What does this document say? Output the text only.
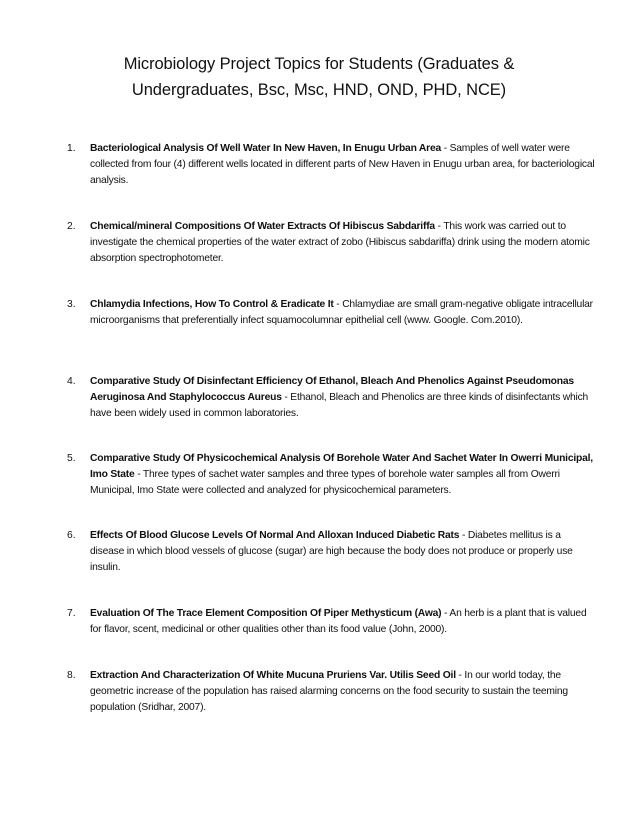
Microbiology Project Topics for Students (Graduates &
Undergraduates, Bsc, Msc, HND, OND, PHD, NCE)
1.	Bacteriological Analysis Of Well Water In New Haven, In Enugu Urban Area - Samples of well water were collected from four (4) different wells located in different parts of New Haven in Enugu urban area, for bacteriological analysis.
2.	Chemical/mineral Compositions Of Water Extracts Of Hibiscus Sabdariffa - This work was carried out to investigate the chemical properties of the water extract of zobo (Hibiscus sabdariffa) drink using the modern atomic absorption spectrophotometer.
3.	Chlamydia Infections, How To Control & Eradicate It - Chlamydiae are small gram-negative obligate intracellular microorganisms that preferentially infect squamocolumnar epithelial cell (www. Google. Com.2010).
4.	Comparative Study Of Disinfectant Efficiency Of Ethanol, Bleach And Phenolics Against Pseudomonas Aeruginosa And Staphylococcus Aureus - Ethanol, Bleach and Phenolics are three kinds of disinfectants which have been widely used in common laboratories.
5.	Comparative Study Of Physicochemical Analysis Of Borehole Water And Sachet Water In Owerri Municipal, Imo State - Three types of sachet water samples and three types of borehole water samples all from Owerri Municipal, Imo State were collected and analyzed for physicochemical parameters.
6.	Effects Of Blood Glucose Levels Of Normal And Alloxan Induced Diabetic Rats - Diabetes mellitus is a disease in which blood vessels of glucose (sugar) are high because the body does not produce or properly use insulin.
7.	Evaluation Of The Trace Element Composition Of Piper Methysticum (Awa) - An herb is a plant that is valued for flavor, scent, medicinal or other qualities other than its food value (John, 2000).
8.	Extraction And Characterization Of White Mucuna Pruriens Var. Utilis Seed Oil - In our world today, the geometric increase of the population has raised alarming concerns on the food security to sustain the teeming population (Sridhar, 2007).
